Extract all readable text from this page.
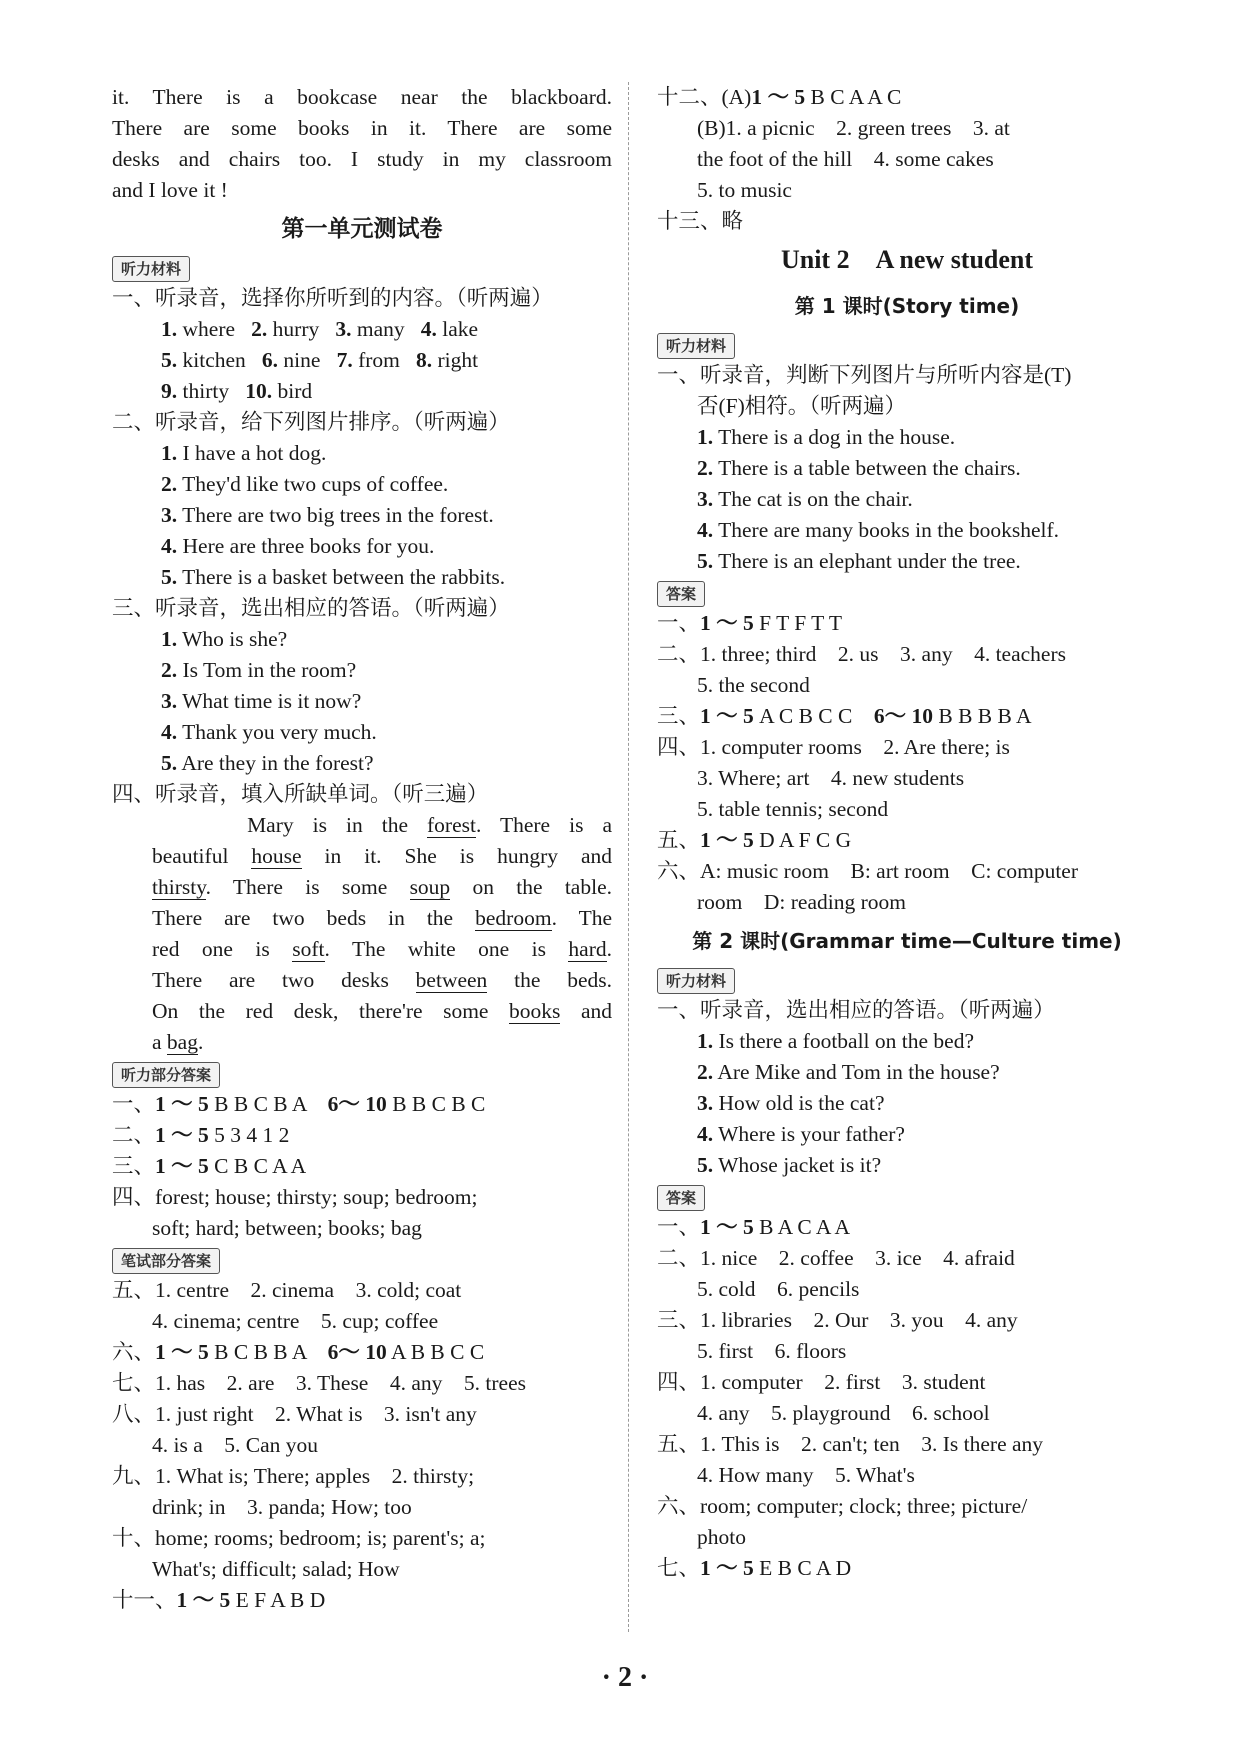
it. There is a bookcase near the blackboard.
There are some books in it. There are some
desks and chairs too. I study in my classroom
and I love it !
第一单元测试卷
听力材料
一、听录音，选择你所听到的内容。（听两遍）
1. where 2. hurry 3. many 4. lake
5. kitchen 6. nine 7. from 8. right
9. thirty 10. bird
二、听录音，给下列图片排序。（听两遍）
1. I have a hot dog.
2. They'd like two cups of coffee.
3. There are two big trees in the forest.
4. Here are three books for you.
5. There is a basket between the rabbits.
三、听录音，选出相应的答语。（听两遍）
1. Who is she?
2. Is Tom in the room?
3. What time is it now?
4. Thank you very much.
5. Are they in the forest?
四、听录音，填入所缺单词。（听三遍）
Mary is in the forest. There is a
beautiful house in it. She is hungry and
thirsty. There is some soup on the table.
There are two beds in the bedroom. The
red one is soft. The white one is hard.
There are two desks between the beds.
On the red desk, there're some books and
a bag.
听力部分答案
一、1 ～ 5 B B C B A　6～ 10 B B C B C
二、1 ～ 5 5 3 4 1 2
三、1 ～ 5 C B C A A
四、forest; house; thirsty; soup; bedroom;
soft; hard; between; books; bag
笔试部分答案
五、1. centre　2. cinema　3. cold; coat
4. cinema; centre　5. cup; coffee
六、1 ～ 5 B C B B A　6～ 10 A B B C C
七、1. has　2. are　3. These　4. any　5. trees
八、1. just right　2. What is　3. isn't any
4. is a　5. Can you
九、1. What is; There; apples　2. thirsty;
drink; in　3. panda; How; too
十、home; rooms; bedroom; is; parent's; a;
What's; difficult; salad; How
十一、1 ～ 5 E F A B D
十二、(A)1 ～ 5 B C A A C
(B)1. a picnic　2. green trees　3. at
the foot of the hill　4. some cakes
5. to music
十三、略
Unit 2　A new student
第 1 课时(Story time)
听力材料
一、听录音，判断下列图片与所听内容是(T)
否(F)相符。（听两遍）
1. There is a dog in the house.
2. There is a table between the chairs.
3. The cat is on the chair.
4. There are many books in the bookshelf.
5. There is an elephant under the tree.
答案
一、1 ～ 5 F T F T T
二、1. three; third　2. us　3. any　4. teachers
5. the second
三、1 ～ 5 A C B C C　6～ 10 B B B B A
四、1. computer rooms　2. Are there; is
3. Where; art　4. new students
5. table tennis; second
五、1 ～ 5 D A F C G
六、A: music room　B: art room　C: computer
room　D: reading room
第 2 课时(Grammar time—Culture time)
听力材料
一、听录音，选出相应的答语。（听两遍）
1. Is there a football on the bed?
2. Are Mike and Tom in the house?
3. How old is the cat?
4. Where is your father?
5. Whose jacket is it?
答案
一、1 ～ 5 B A C A A
二、1. nice　2. coffee　3. ice　4. afraid
5. cold　6. pencils
三、1. libraries　2. Our　3. you　4. any
5. first　6. floors
四、1. computer　2. first　3. student
4. any　5. playground　6. school
五、1. This is　2. can't; ten　3. Is there any
4. How many　5. What's
六、room; computer; clock; three; picture/
photo
七、1 ～ 5 E B C A D
· 2 ·
